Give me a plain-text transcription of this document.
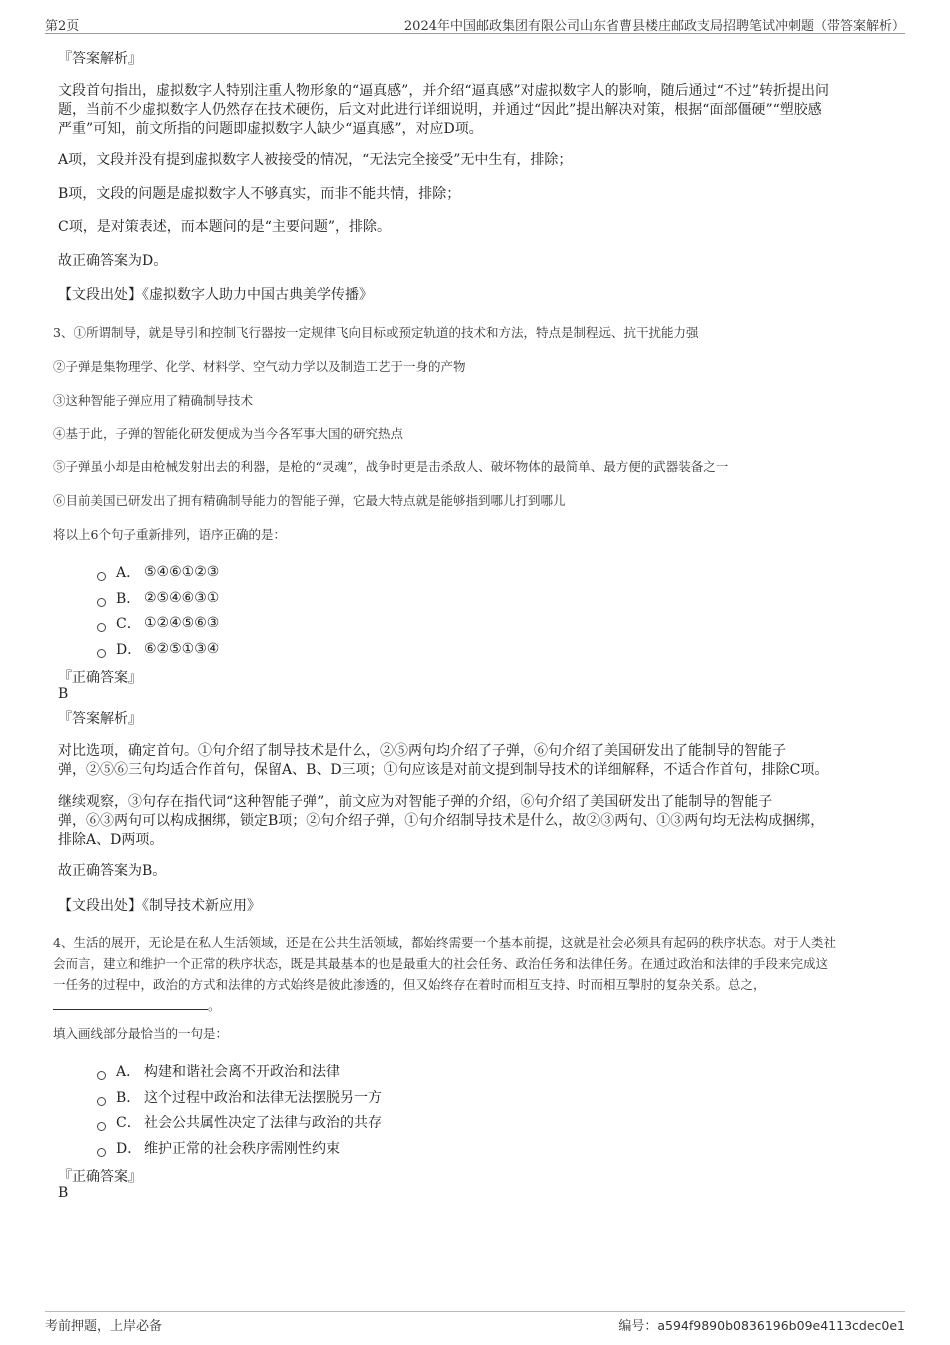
第2页	2024年中国邮政集团有限公司山东省曹县楼庄邮政支局招聘笔试冲刺题（带答案解析）
『答案解析』
文段首句指出，虚拟数字人特别注重人物形象的“逼真感”，并介绍“逼真感”对虚拟数字人的影响，随后通过“不过”转折提出问
题，当前不少虚拟数字人仍然存在技术硬伤，后文对此进行详细说明，并通过“因此”提出解决对策，根据“面部僵硬”“塑胶感
严重”可知，前文所指的问题即虚拟数字人缺少“逼真感”，对应D项。
A项，文段并没有提到虚拟数字人被接受的情况，“无法完全接受”无中生有，排除；
B项，文段的问题是虚拟数字人不够真实，而非不能共情，排除；
C项，是对策表述，而本题问的是“主要问题”，排除。
故正确答案为D。
【文段出处】《虚拟数字人助力中国古典美学传播》
3、①所谓制导，就是导引和控制飞行器按一定规律飞向目标或预定轨道的技术和方法，特点是制程远、抗干扰能力强
②子弹是集物理学、化学、材料学、空气动力学以及制造工艺于一身的产物
③这种智能子弹应用了精确制导技术
④基于此，子弹的智能化研发便成为当今各军事大国的研究热点
⑤子弹虽小却是由枪械发射出去的利器，是枪的“灵魂”，战争时更是击杀敌人、破坏物体的最简单、最方便的武器装备之一
⑥目前美国已研发出了拥有精确制导能力的智能子弹，它最大特点就是能够指到哪儿打到哪儿
将以上6个句子重新排列，语序正确的是：
A． ⑤④⑥①②③
B． ②⑤④⑥③①
C． ①②④⑤⑥③
D． ⑥②⑤①③④
『正确答案』
B
『答案解析』
对比选项，确定首句。①句介绍了制导技术是什么，②⑤两句均介绍了子弹，⑥句介绍了美国研发出了能制导的智能子
弹，②⑤⑥三句均适合作首句，保留A、B、D三项；①句应该是对前文提到制导技术的详细解释，不适合作首句，排除C项。
继续观察，③句存在指代词“这种智能子弹”，前文应为对智能子弹的介绍，⑥句介绍了美国研发出了能制导的智能子
弹，⑥③两句可以构成捆绑，锁定B项；②句介绍子弹，①句介绍制导技术是什么，故②③两句、①③两句均无法构成捆绑，
排除A、D两项。
故正确答案为B。
【文段出处】《制导技术新应用》
4、生活的展开，无论是在私人生活领域，还是在公共生活领域，都始终需要一个基本前提，这就是社会必须具有起码的秩序状态。对于人类社
会而言，建立和维护一个正常的秩序状态，既是其最基本的也是最重大的社会任务、政治任务和法律任务。在通过政治和法律的手段来完成这
一任务的过程中，政治的方式和法律的方式始终是彼此渗透的，但又始终存在着时而相互支持、时而相互掣肘的复杂关系。总之，
。
填入画线部分最恰当的一句是：
A． 构建和谐社会离不开政治和法律
B． 这个过程中政治和法律无法摆脱另一方
C． 社会公共属性决定了法律与政治的共存
D． 维护正常的社会秩序需刚性约束
『正确答案』
B
考前押题，上岸必备	编号：a594f9890b0836196b09e4113cdec0e1
